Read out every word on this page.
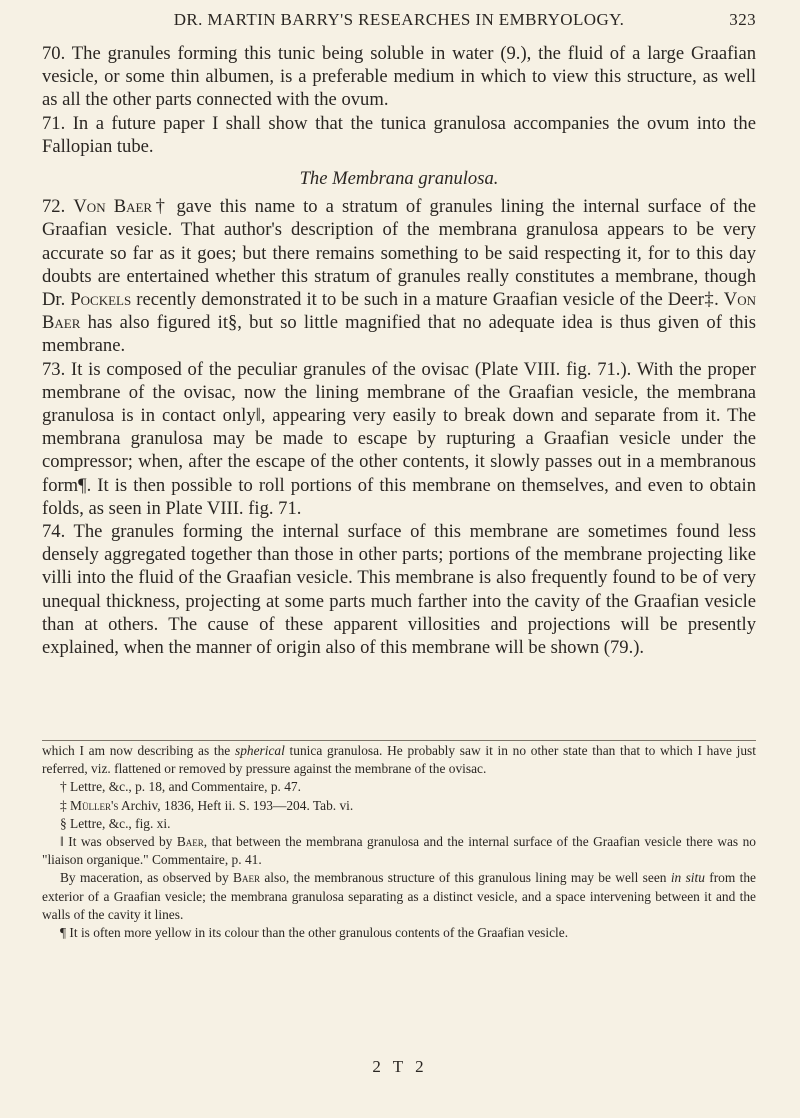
DR. MARTIN BARRY'S RESEARCHES IN EMBRYOLOGY.	323

70. The granules forming this tunic being soluble in water (9.), the fluid of a large Graafian vesicle, or some thin albumen, is a preferable medium in which to view this structure, as well as all the other parts connected with the ovum.

71. In a future paper I shall show that the tunica granulosa accompanies the ovum into the Fallopian tube.

The Membrana granulosa.

72. Von Baer† gave this name to a stratum of granules lining the internal surface of the Graafian vesicle. That author's description of the membrana granulosa appears to be very accurate so far as it goes; but there remains something to be said respecting it, for to this day doubts are entertained whether this stratum of granules really constitutes a membrane, though Dr. Pockels recently demonstrated it to be such in a mature Graafian vesicle of the Deer‡. Von Baer has also figured it§, but so little magnified that no adequate idea is thus given of this membrane.

73. It is composed of the peculiar granules of the ovisac (Plate VIII. fig. 71.). With the proper membrane of the ovisac, now the lining membrane of the Graafian vesicle, the membrana granulosa is in contact only‖, appearing very easily to break down and separate from it. The membrana granulosa may be made to escape by rupturing a Graafian vesicle under the compressor; when, after the escape of the other contents, it slowly passes out in a membranous form¶. It is then possible to roll portions of this membrane on themselves, and even to obtain folds, as seen in Plate VIII. fig. 71.

74. The granules forming the internal surface of this membrane are sometimes found less densely aggregated together than those in other parts; portions of the membrane projecting like villi into the fluid of the Graafian vesicle. This membrane is also frequently found to be of very unequal thickness, projecting at some parts much farther into the cavity of the Graafian vesicle than at others. The cause of these apparent villosities and projections will be presently explained, when the manner of origin also of this membrane will be shown (79.).

which I am now describing as the spherical tunica granulosa. He probably saw it in no other state than that to which I have just referred, viz. flattened or removed by pressure against the membrane of the ovisac.

† Lettre, &c., p. 18, and Commentaire, p. 47.

‡ Müller's Archiv, 1836, Heft ii. S. 193—204. Tab. vi.

§ Lettre, &c., fig. xi.

‖ It was observed by Baer, that between the membrana granulosa and the internal surface of the Graafian vesicle there was no "liaison organique." Commentaire, p. 41.

By maceration, as observed by Baer also, the membranous structure of this granulous lining may be well seen in situ from the exterior of a Graafian vesicle; the membrana granulosa separating as a distinct vesicle, and a space intervening between it and the walls of the cavity it lines.

¶ It is often more yellow in its colour than the other granulous contents of the Graafian vesicle.

2 T 2
